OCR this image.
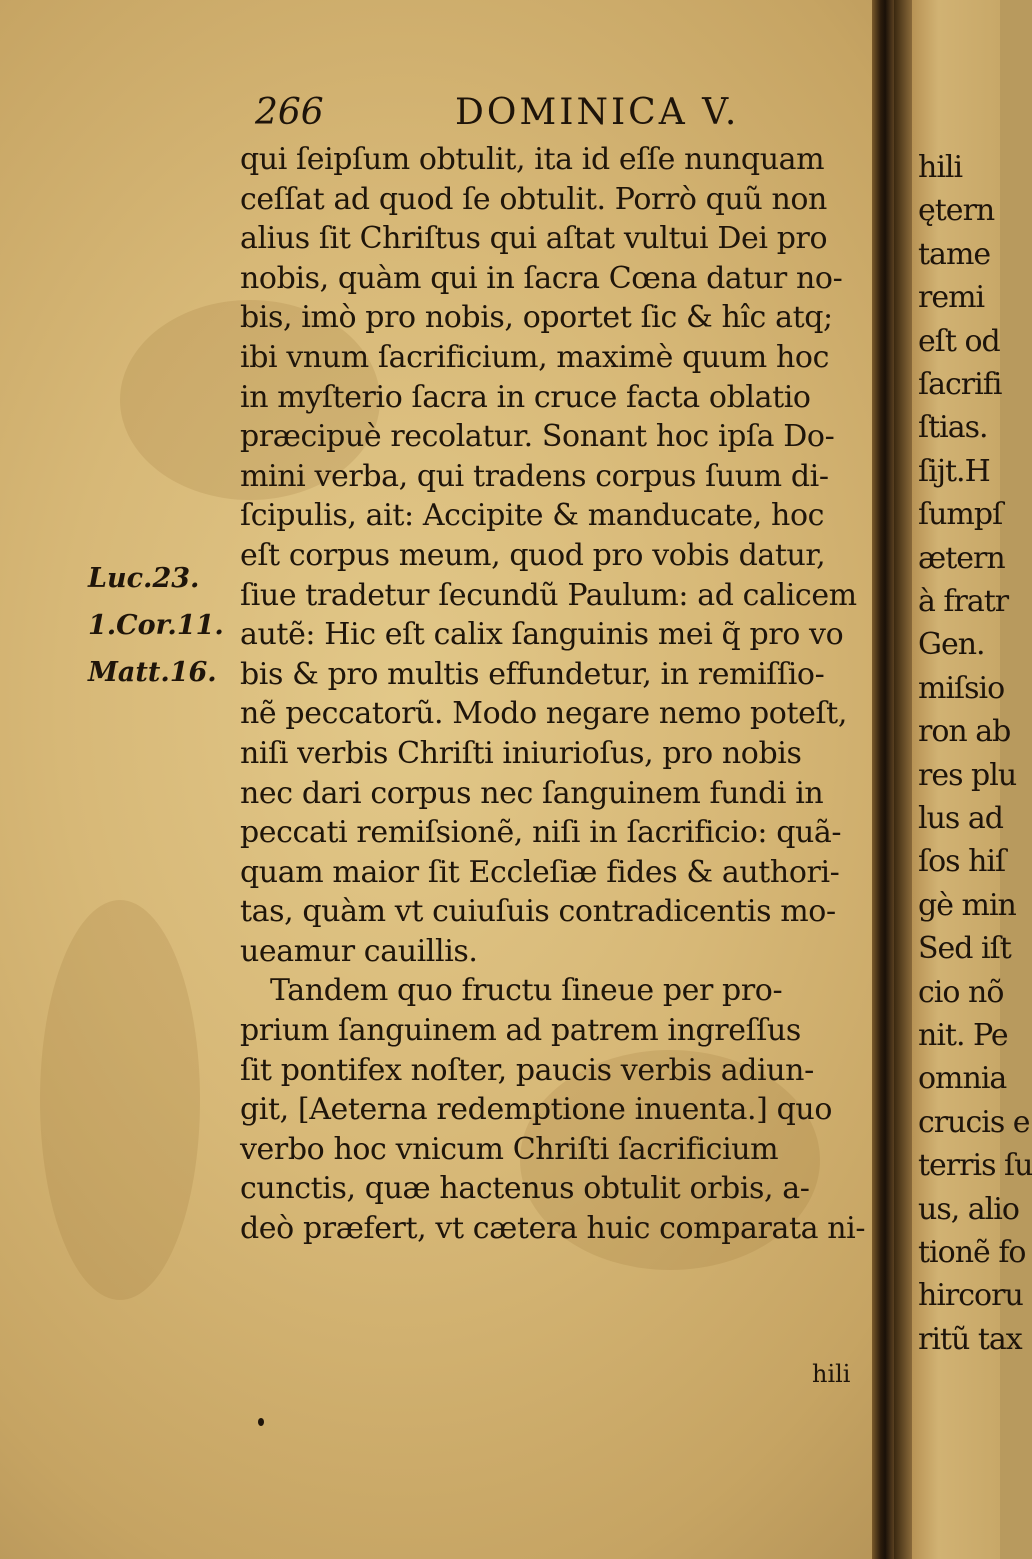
266	DOMINICA V.
qui ſeipſum obtulit, ita id eſſe nunquam
ceſſat ad quod ſe obtulit. Porrò quũ non
alius ſit Chriſtus qui aſtat vultui Dei pro
nobis, quàm qui in ſacra Cœna datur no-
bis, imò pro nobis, oportet ſic & hîc atq;
ibi vnum ſacrificium, maximè quum hoc
in myſterio ſacra in cruce facta oblatio
præcipuè recolatur. Sonant hoc ipſa Do-
mini verba, qui tradens corpus ſuum di-
ſcipulis, ait: Accipite & manducate, hoc
eſt corpus meum, quod pro vobis datur,
ſiue tradetur ſecundũ Paulum: ad calicem
autẽ: Hic eſt calix ſanguinis mei q̃ pro vo
bis & pro multis effundetur, in remiſſio-
nẽ peccatorũ. Modo negare nemo poteſt,
niſi verbis Chriſti iniurioſus, pro nobis
nec dari corpus nec ſanguinem fundi in
peccati remiſsionẽ, niſi in ſacrificio: quã-
quam maior ſit Eccleſiæ fides & authori-
tas, quàm vt cuiuſuis contradicentis mo-
ueamur cauillis.
Tandem quo fructu ſineue per pro-
prium ſanguinem ad patrem ingreſſus
ſit pontifex noſter, paucis verbis adiun-
git, [Aeterna redemptione inuenta.] quo
verbo hoc vnicum Chriſti ſacrificium
cunctis, quæ hactenus obtulit orbis, a-
deò præfert, vt cætera huic comparata ni-
Luc.23.
1.Cor.11.
Matt.16.
hili
hili
ętern
tame
remi
eſt od
ſacrifi
ſtias.
ſijt.H
ſumpſ
ætern
à fratr
Gen.
miſsio
ron ab
res plu
lus ad
ſos hiſ
gè min
Sed iſt
cio nõ
nit. Pe
omnia
crucis e
terris ſu
us, alio
tionẽ fo
hircoru
ritũ tax
